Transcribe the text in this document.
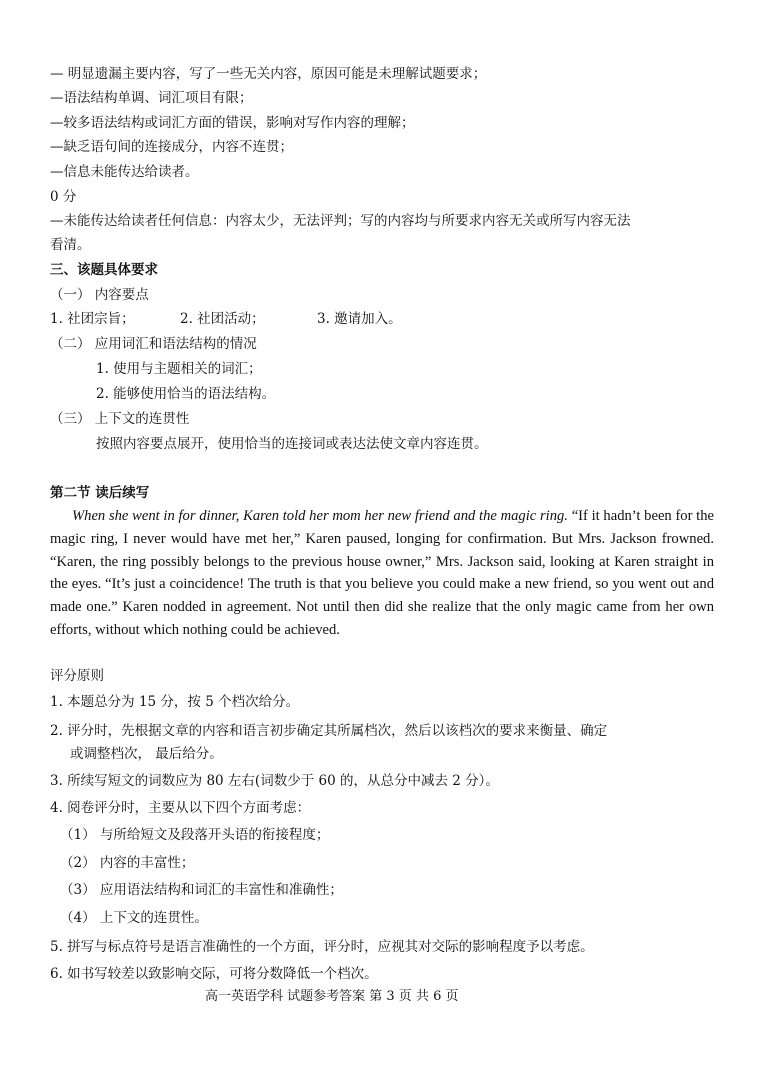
— 明显遗漏主要内容，写了一些无关内容，原因可能是未理解试题要求；
—语法结构单调、词汇项目有限；
—较多语法结构或词汇方面的错误，影响对写作内容的理解；
—缺乏语句间的连接成分，内容不连贯；
—信息未能传达给读者。
0 分
—未能传达给读者任何信息：内容太少，无法评判；写的内容均与所要求内容无关或所写内容无法
看清。
三、该题具体要求
（一） 内容要点
1. 社团宗旨；	2. 社团活动；	3. 邀请加入。
（二） 应用词汇和语法结构的情况
1. 使用与主题相关的词汇；
2. 能够使用恰当的语法结构。
（三） 上下文的连贯性
按照内容要点展开，使用恰当的连接词或表达法使文章内容连贯。
第二节 读后续写
When she went in for dinner, Karen told her mom her new friend and the magic ring. “If it hadn’t been for the magic ring, I never would have met her,” Karen paused, longing for confirmation. But Mrs. Jackson frowned. “Karen, the ring possibly belongs to the previous house owner,” Mrs. Jackson said, looking at Karen straight in the eyes. “It’s just a coincidence! The truth is that you believe you could make a new friend, so you went out and made one.” Karen nodded in agreement. Not until then did she realize that the only magic came from her own efforts, without which nothing could be achieved.
评分原则
1. 本题总分为 15 分，按 5 个档次给分。
2. 评分时，先根据文章的内容和语言初步确定其所属档次，然后以该档次的要求来衡量、确定
或调整档次， 最后给分。
3. 所续写短文的词数应为 80 左右(词数少于 60 的，从总分中减去 2 分）。
4. 阅卷评分时，主要从以下四个方面考虑：
（1） 与所给短文及段落开头语的衔接程度；
（2） 内容的丰富性；
（3） 应用语法结构和词汇的丰富性和准确性；
（4） 上下文的连贯性。
5. 拼写与标点符号是语言准确性的一个方面，评分时，应视其对交际的影响程度予以考虑。
6. 如书写较差以致影响交际，可将分数降低一个档次。
高一英语学科 试题参考答案 第 3 页 共 6 页
